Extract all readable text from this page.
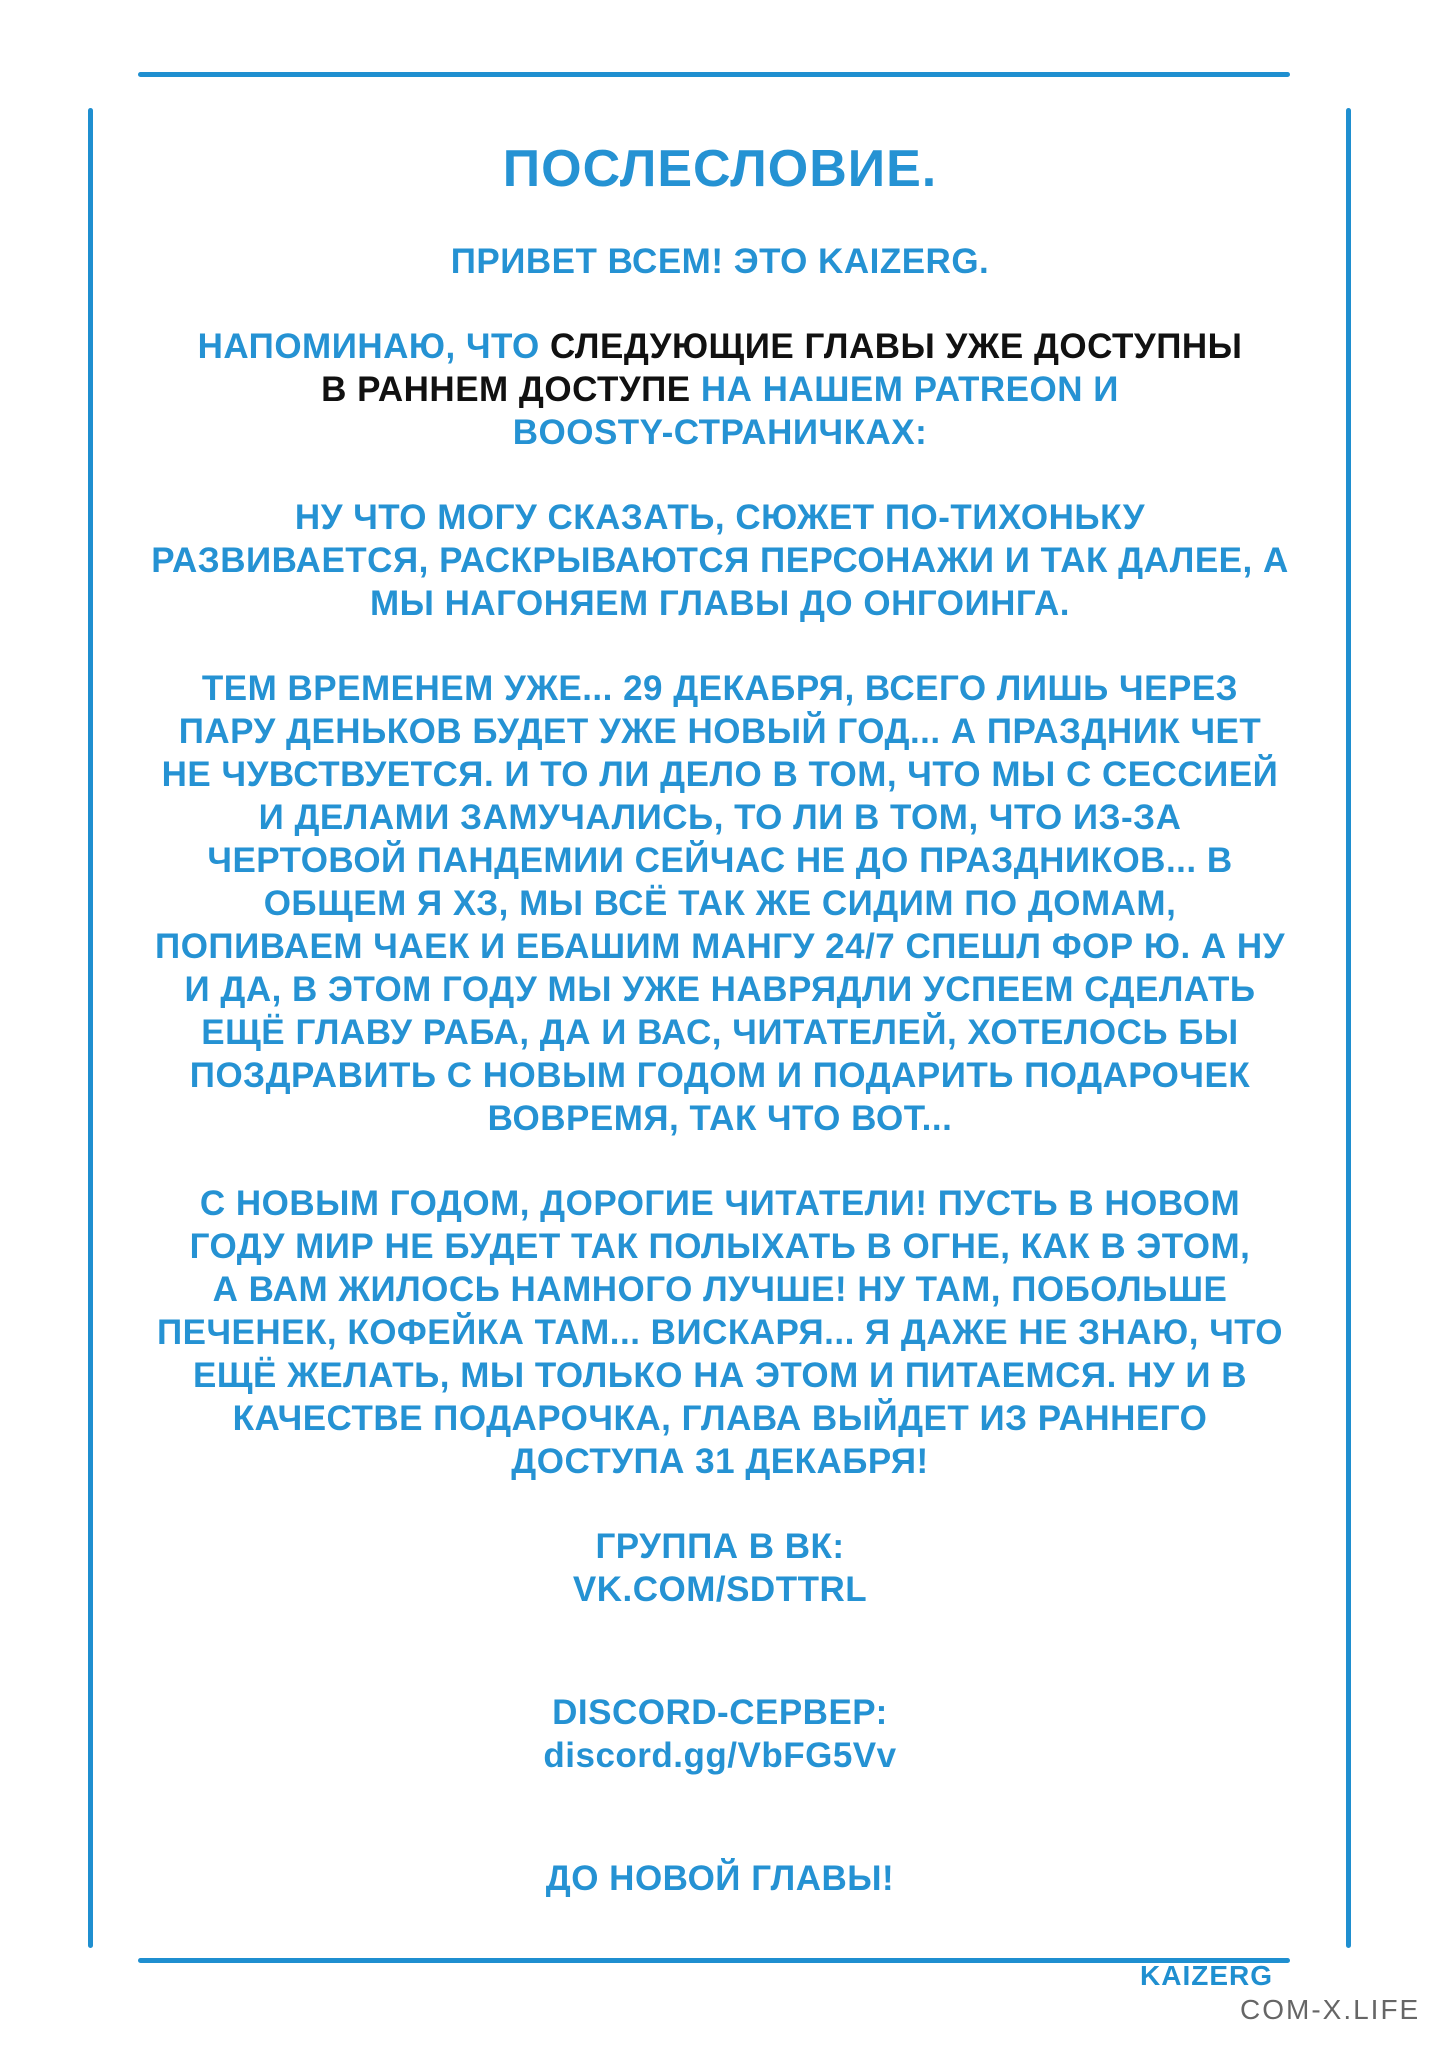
ПОСЛЕСЛОВИЕ.

ПРИВЕТ ВСЕМ! ЭТО KAIZERG.

НАПОМИНАЮ, ЧТО СЛЕДУЮЩИЕ ГЛАВЫ УЖЕ ДОСТУПНЫ

В РАННЕМ ДОСТУПЕ НА НАШЕМ PATREON И

BOOSTY-СТРАНИЧКАХ:

НУ ЧТО МОГУ СКАЗАТЬ, СЮЖЕТ ПО-ТИХОНЬКУ

РАЗВИВАЕТСЯ, РАСКРЫВАЮТСЯ ПЕРСОНАЖИ И ТАК ДАЛЕЕ, А

МЫ НАГОНЯЕМ ГЛАВЫ ДО ОНГОИНГА.

ТЕМ ВРЕМЕНЕМ УЖЕ... 29 ДЕКАБРЯ, ВСЕГО ЛИШЬ ЧЕРЕЗ

ПАРУ ДЕНЬКОВ БУДЕТ УЖЕ НОВЫЙ ГОД... А ПРАЗДНИК ЧЕТ

НЕ ЧУВСТВУЕТСЯ. И ТО ЛИ ДЕЛО В ТОМ, ЧТО МЫ С СЕССИЕЙ

И ДЕЛАМИ ЗАМУЧАЛИСЬ, ТО ЛИ В ТОМ, ЧТО ИЗ-ЗА

ЧЕРТОВОЙ ПАНДЕМИИ СЕЙЧАС НЕ ДО ПРАЗДНИКОВ... В

ОБЩЕМ Я ХЗ, МЫ ВСЁ ТАК ЖЕ СИДИМ ПО ДОМАМ,

ПОПИВАЕМ ЧАЕК И ЕБАШИМ МАНГУ 24/7 СПЕШЛ ФОР Ю. А НУ

И ДА, В ЭТОМ ГОДУ МЫ УЖЕ НАВРЯДЛИ УСПЕЕМ СДЕЛАТЬ

ЕЩЁ ГЛАВУ РАБА, ДА И ВАС, ЧИТАТЕЛЕЙ, ХОТЕЛОСЬ БЫ

ПОЗДРАВИТЬ С НОВЫМ ГОДОМ И ПОДАРИТЬ ПОДАРОЧЕК

ВОВРЕМЯ, ТАК ЧТО ВОТ...

С НОВЫМ ГОДОМ, ДОРОГИЕ ЧИТАТЕЛИ! ПУСТЬ В НОВОМ

ГОДУ МИР НЕ БУДЕТ ТАК ПОЛЫХАТЬ В ОГНЕ, КАК В ЭТОМ,

А ВАМ ЖИЛОСЬ НАМНОГО ЛУЧШЕ! НУ ТАМ, ПОБОЛЬШЕ

ПЕЧЕНЕК, КОФЕЙКА ТАМ... ВИСКАРЯ... Я ДАЖЕ НЕ ЗНАЮ, ЧТО

ЕЩЁ ЖЕЛАТЬ, МЫ ТОЛЬКО НА ЭТОМ И ПИТАЕМСЯ. НУ И В

КАЧЕСТВЕ ПОДАРОЧКА, ГЛАВА ВЫЙДЕТ ИЗ РАННЕГО

ДОСТУПА 31 ДЕКАБРЯ!

ГРУППА В ВК:

VK.COM/SDTTRL

DISCORD-СЕРВЕР:

discord.gg/VbFG5Vv

ДО НОВОЙ ГЛАВЫ!

KAIZERG
COM-X.LIFE
